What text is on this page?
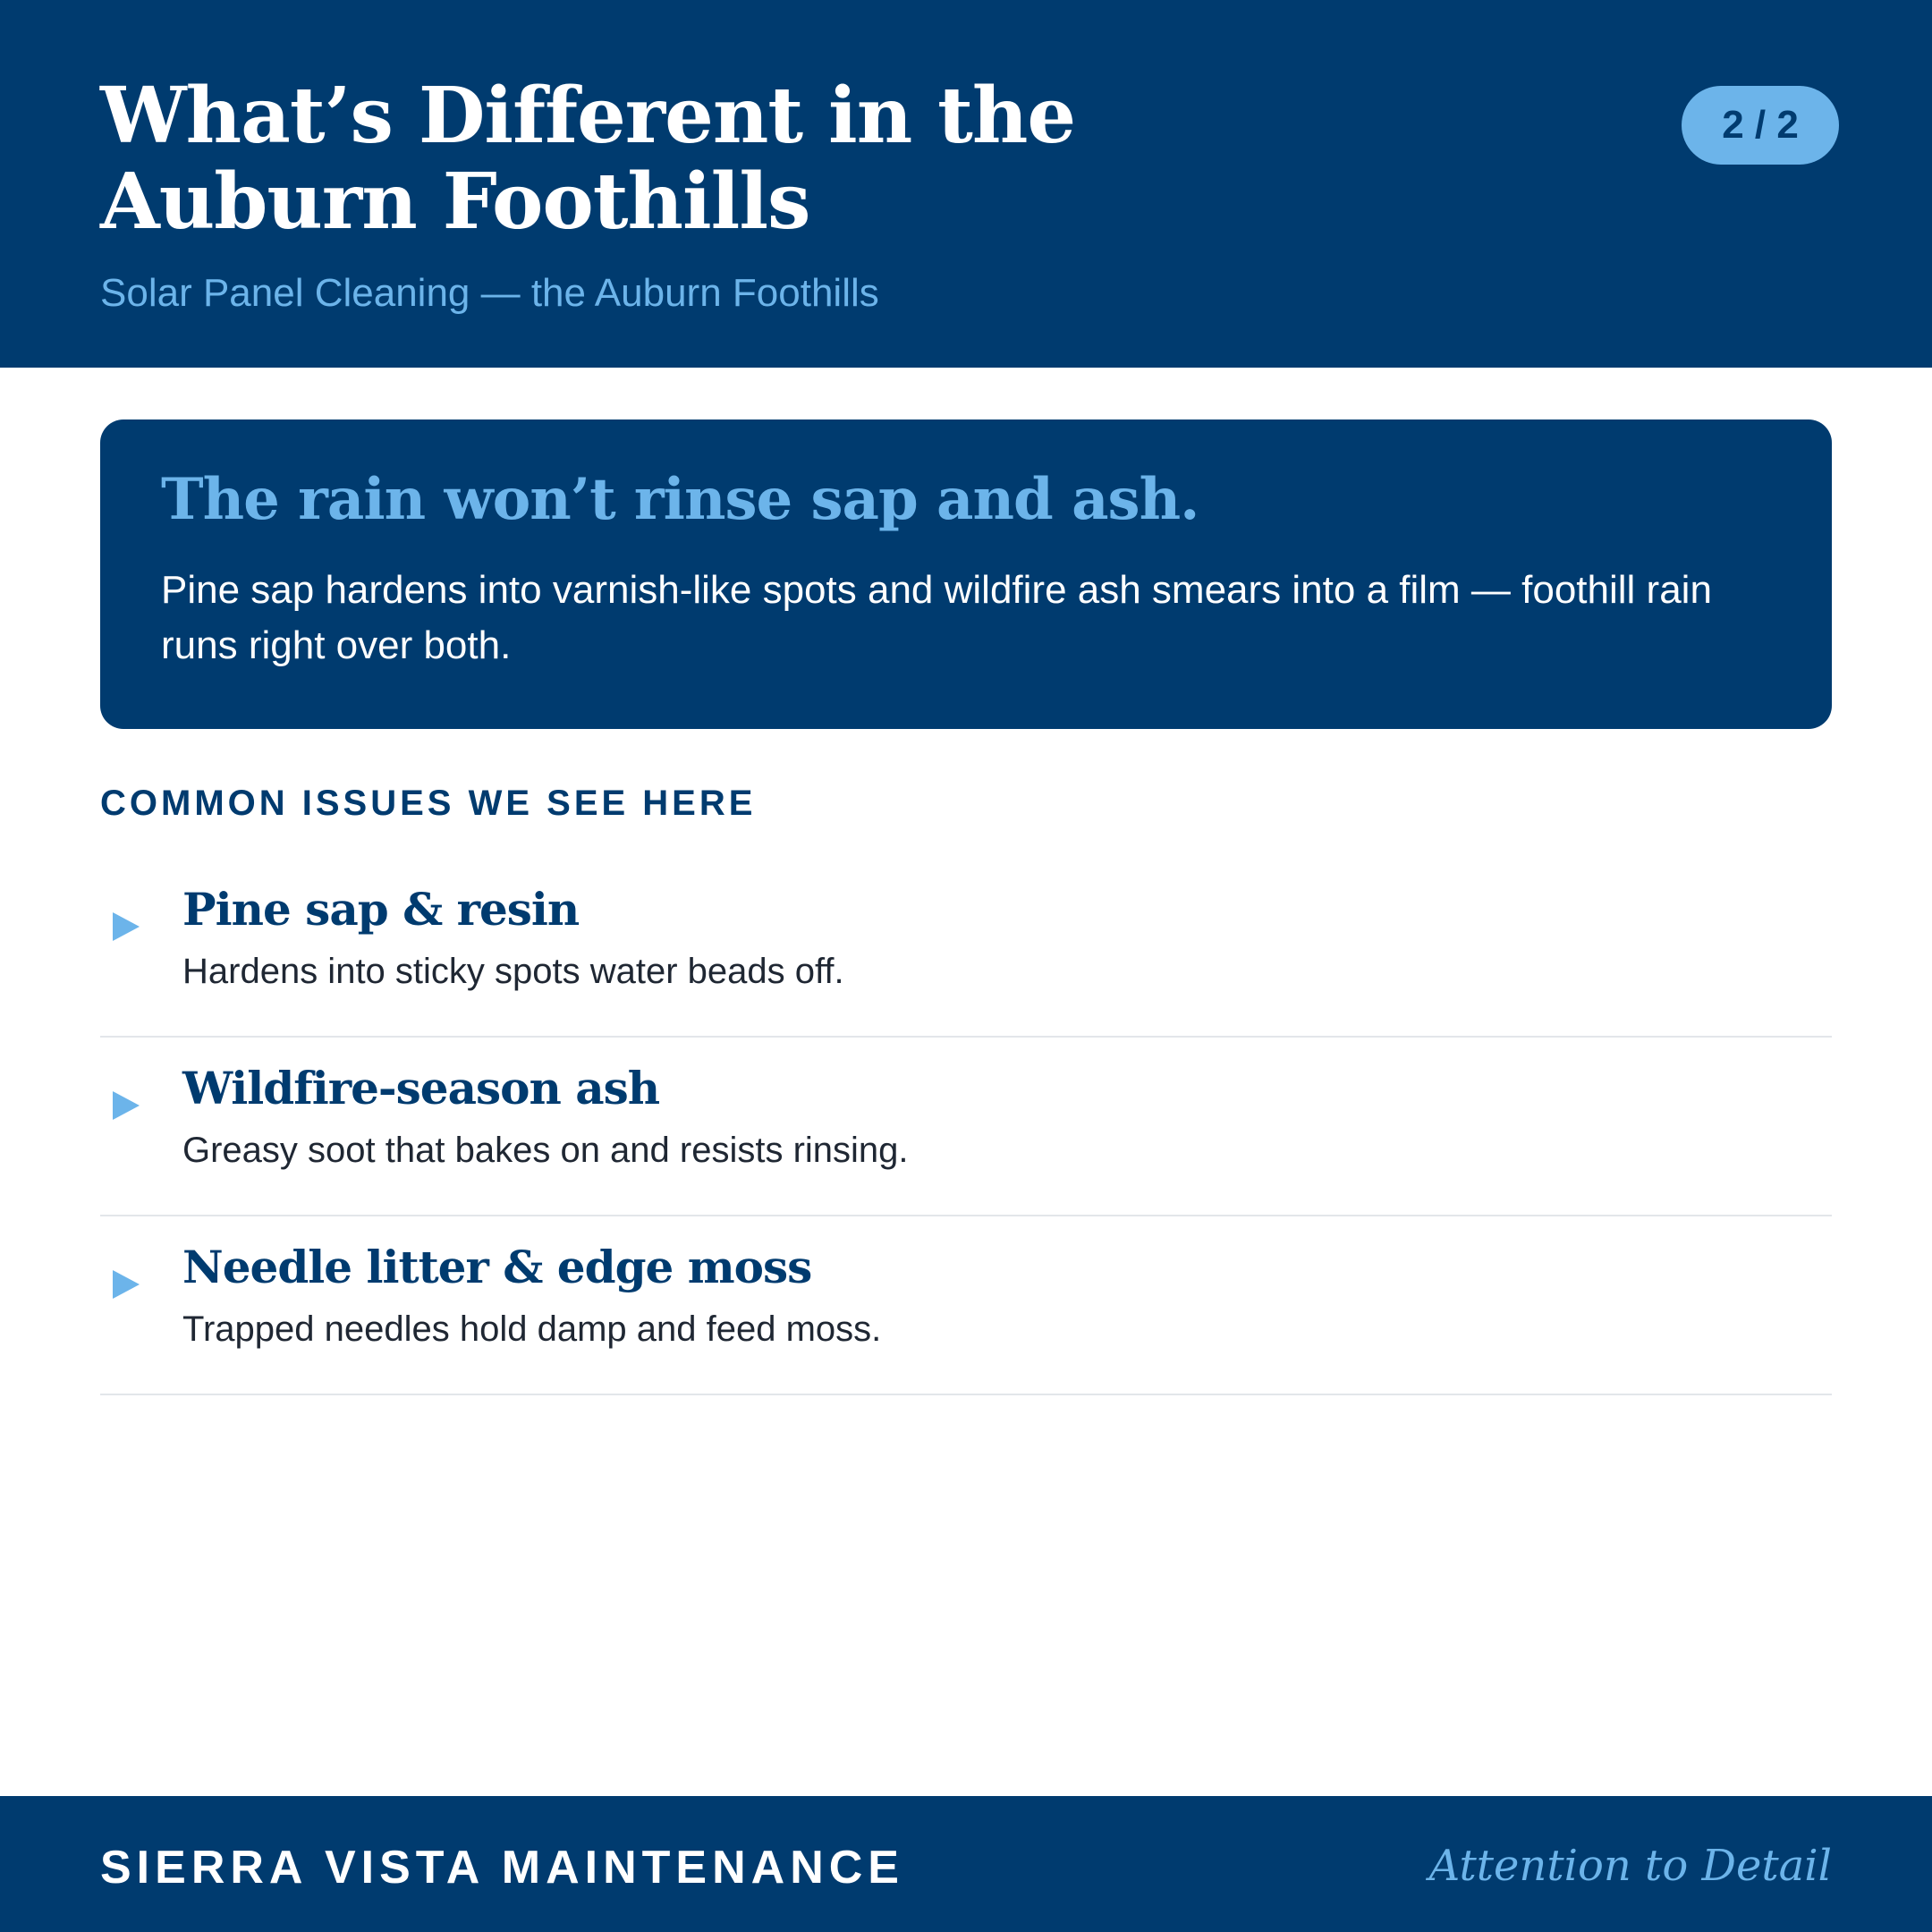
What’s Different in the Auburn Foothills
Solar Panel Cleaning — the Auburn Foothills
2 / 2
The rain won’t rinse sap and ash.
Pine sap hardens into varnish-like spots and wildfire ash smears into a film — foothill rain runs right over both.
COMMON ISSUES WE SEE HERE
Pine sap & resin
Hardens into sticky spots water beads off.
Wildfire-season ash
Greasy soot that bakes on and resists rinsing.
Needle litter & edge moss
Trapped needles hold damp and feed moss.
SIERRA VISTA MAINTENANCE	Attention to Detail
